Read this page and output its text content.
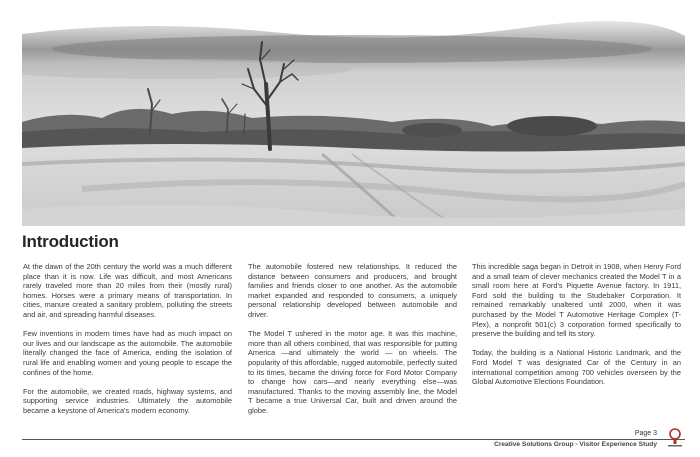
Introduction

At the dawn of the 20th century the world was a much different place than it is now. Life was difficult, and most Americans rarely traveled more than 20 miles from their (mostly rural) homes. Horses were a primary means of transportation. In cities, manure created a sanitary problem, polluting the streets and air, and spreading harmful diseases.

Few inventions in modern times have had as much impact on our lives and our landscape as the automobile. The automobile literally changed the face of America, ending the isolation of rural life and enabling women and young people to escape the confines of the home.

For the automobile, we created roads, highway systems, and supporting service industries. Ultimately the automobile became a keystone of America's modern economy.

The automobile fostered new relationships. It reduced the distance between consumers and producers, and brought families and friends closer to one another. As the automobile market expanded and responded to consumers, a uniquely personal relationship developed between automobile and driver.

The Model T ushered in the motor age. It was this machine, more than all others combined, that was responsible for putting America —and ultimately the world — on wheels. The popularity of this affordable, rugged automobile, perfectly suited to its times, became the driving force for Ford Motor Company to change how cars—and nearly everything else—was manufactured. Thanks to the moving assembly line, the Model T became a true Universal Car, built and driven around the globe.

This incredible saga began in Detroit in 1908, when Henry Ford and a small team of clever mechanics created the Model T in a small room here at Ford's Piquette Avenue factory. In 1911, Ford sold the building to the Studebaker Corporation. It remained remarkably unaltered until 2000, when it was purchased by the Model T Automotive Heritage Complex (T-Plex), a nonprofit 501(c) 3 corporation formed specifically to preserve the building and tell its story.

Today, the building is a National Historic Landmark, and the Ford Model T was designated Car of the Century in an international competition among 700 vehicles overseen by the Global Automotive Elections Foundation.

Page 3
Creative Solutions Group - Visitor Experience Study
